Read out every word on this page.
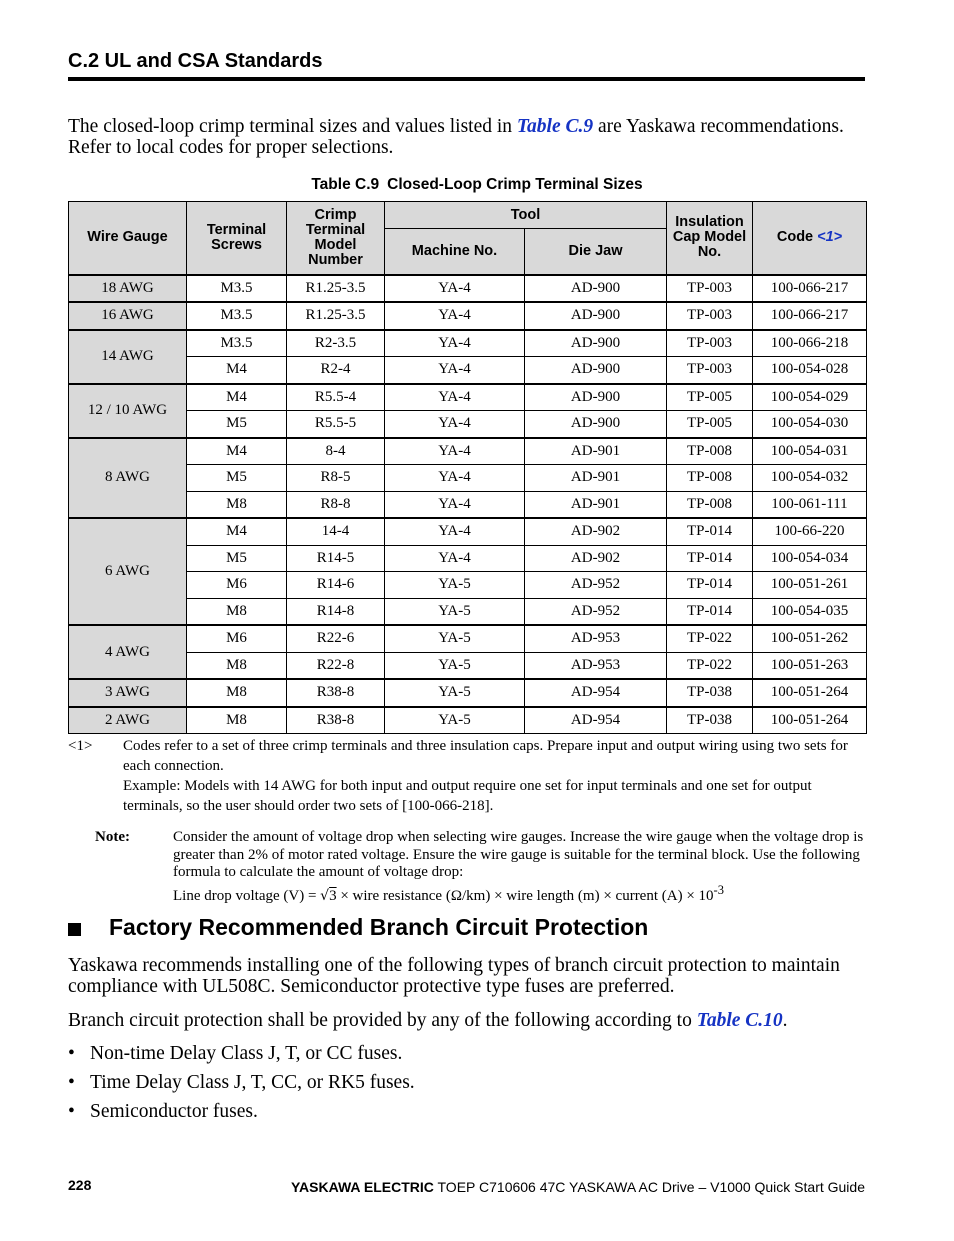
C.2 UL and CSA Standards
The closed-loop crimp terminal sizes and values listed in Table C.9 are Yaskawa recommendations. Refer to local codes for proper selections.
Table C.9 Closed-Loop Crimp Terminal Sizes
Wire Gauge	Terminal Screws	Crimp Terminal Model Number	Tool		Insulation Cap Model No.	Code <1>
			Machine No.	Die Jaw		
18 AWG	M3.5	R1.25-3.5	YA-4	AD-900	TP-003	100-066-217
16 AWG	M3.5	R1.25-3.5	YA-4	AD-900	TP-003	100-066-217
14 AWG	M3.5	R2-3.5	YA-4	AD-900	TP-003	100-066-218
	M4	R2-4	YA-4	AD-900	TP-003	100-054-028
12 / 10 AWG	M4	R5.5-4	YA-4	AD-900	TP-005	100-054-029
	M5	R5.5-5	YA-4	AD-900	TP-005	100-054-030
8 AWG	M4	8-4	YA-4	AD-901	TP-008	100-054-031
	M5	R8-5	YA-4	AD-901	TP-008	100-054-032
	M8	R8-8	YA-4	AD-901	TP-008	100-061-111
6 AWG	M4	14-4	YA-4	AD-902	TP-014	100-66-220
	M5	R14-5	YA-4	AD-902	TP-014	100-054-034
	M6	R14-6	YA-5	AD-952	TP-014	100-051-261
	M8	R14-8	YA-5	AD-952	TP-014	100-054-035
4 AWG	M6	R22-6	YA-5	AD-953	TP-022	100-051-262
	M8	R22-8	YA-5	AD-953	TP-022	100-051-263
3 AWG	M8	R38-8	YA-5	AD-954	TP-038	100-051-264
2 AWG	M8	R38-8	YA-5	AD-954	TP-038	100-051-264
<1> Codes refer to a set of three crimp terminals and three insulation caps. Prepare input and output wiring using two sets for each connection.
Example: Models with 14 AWG for both input and output require one set for input terminals and one set for output terminals, so the user should order two sets of [100-066-218].
Note:	Consider the amount of voltage drop when selecting wire gauges. Increase the wire gauge when the voltage drop is greater than 2% of motor rated voltage. Ensure the wire gauge is suitable for the terminal block. Use the following formula to calculate the amount of voltage drop:
Line drop voltage (V) = √3 × wire resistance (Ω/km) × wire length (m) × current $(A) \times 10^{-3}$
Factory Recommended Branch Circuit Protection
Yaskawa recommends installing one of the following types of branch circuit protection to maintain compliance with UL508C. Semiconductor protective type fuses are preferred.
Branch circuit protection shall be provided by any of the following according to Table C.10.
• Non-time Delay Class J, T, or CC fuses.
• Time Delay Class J, T, CC, or RK5 fuses.
• Semiconductor fuses.
228	YASKAWA ELECTRIC TOEP C710606 47C YASKAWA AC Drive – V1000 Quick Start Guide
